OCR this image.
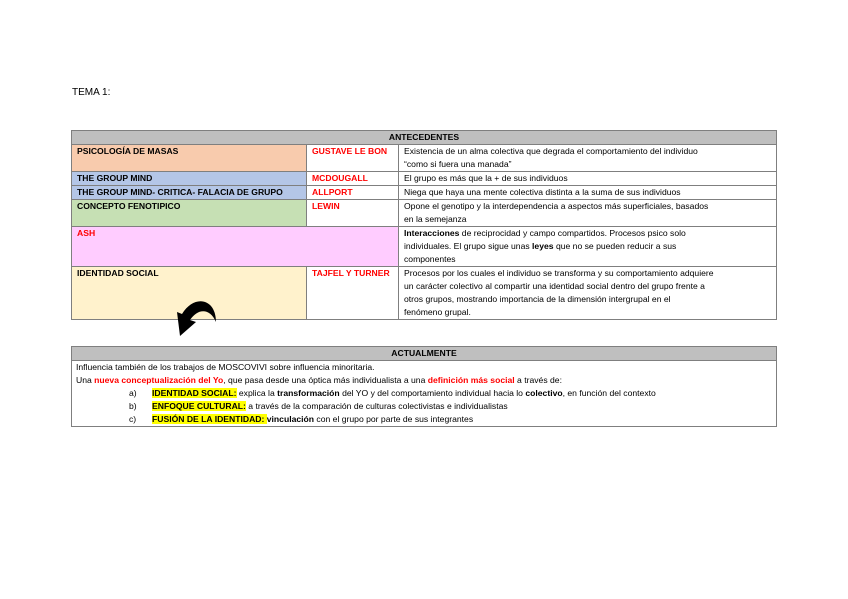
TEMA 1:
ANTECEDENTES		
PSICOLOGÍA DE MASAS	GUSTAVE LE BON	Existencia de un alma colectiva que degrada el comportamiento del individuo
“como si fuera una manada”

THE GROUP MIND	MCDOUGALL	El grupo es más que la + de sus individuos
THE GROUP MIND- CRITICA- FALACIA DE GRUPO	ALLPORT	Niega que haya una mente colectiva distinta a la suma de sus individuos
CONCEPTO FENOTIPICO	LEWIN	Opone el genotipo y la interdependencia a aspectos más superficiales, basados
en la semejanza

ASH		Interacciones de reciprocidad y campo compartidos. Procesos psico solo
individuales. El grupo sigue unas leyes que no se pueden reducir a sus
componentes

IDENTIDAD SOCIAL	TAJFEL Y TURNER	Procesos por los cuales el individuo se transforma y su comportamiento adquiere
un carácter colectivo al compartir una identidad social dentro del grupo frente a
otros grupos, mostrando importancia de la dimensión intergrupal en el
fenómeno grupal.
ACTUALMENTE

Influencia también de los trabajos de MOSCOVIVI sobre influencia minoritaria.
Una nueva conceptualización del Yo, que pasa desde una óptica más individualista a una definición más social a través de:
a) IDENTIDAD SOCIAL: explica la transformación del YO y del comportamiento individual hacia lo colectivo, en función del contexto
b) ENFOQUE CULTURAL: a través de la comparación de culturas colectivistas e individualistas
c) FUSIÓN DE LA IDENTIDAD: vinculación con el grupo por parte de sus integrantes
